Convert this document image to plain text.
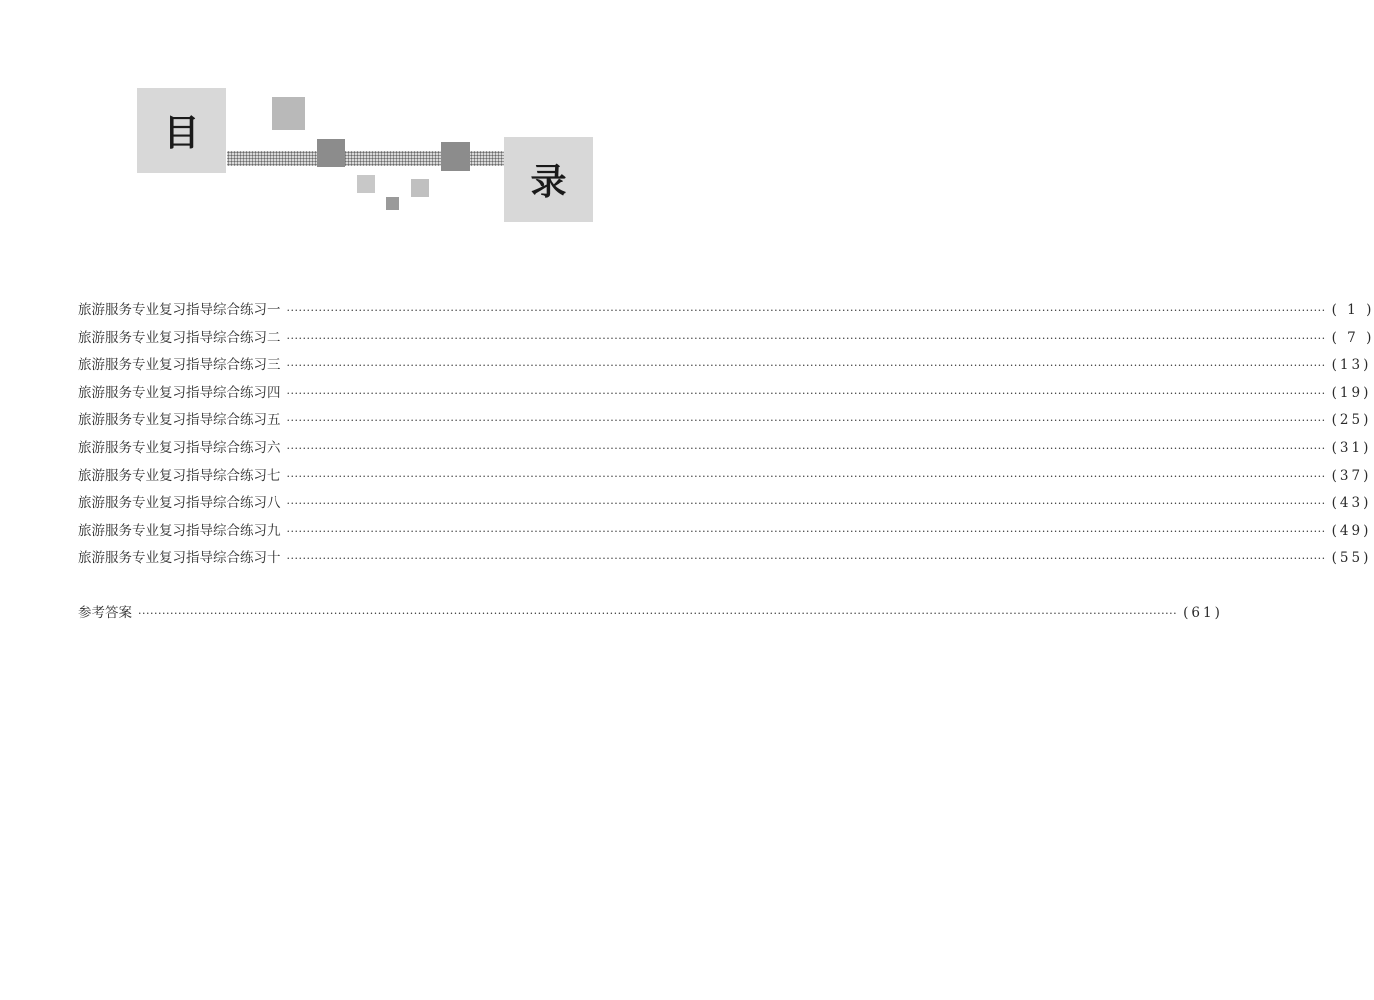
目
录
旅游服务专业复习指导综合练习一 ···································································································································································································································································· ( 1 )
旅游服务专业复习指导综合练习二 ···································································································································································································································································· ( 7 )
旅游服务专业复习指导综合练习三 ···································································································································································································································································· (13)
旅游服务专业复习指导综合练习四 ···································································································································································································································································· (19)
旅游服务专业复习指导综合练习五 ···································································································································································································································································· (25)
旅游服务专业复习指导综合练习六 ···································································································································································································································································· (31)
旅游服务专业复习指导综合练习七 ···································································································································································································································································· (37)
旅游服务专业复习指导综合练习八 ···································································································································································································································································· (43)
旅游服务专业复习指导综合练习九 ···································································································································································································································································· (49)
旅游服务专业复习指导综合练习十 ···································································································································································································································································· (55)
参考答案 ···································································································································································································································································· (61)
